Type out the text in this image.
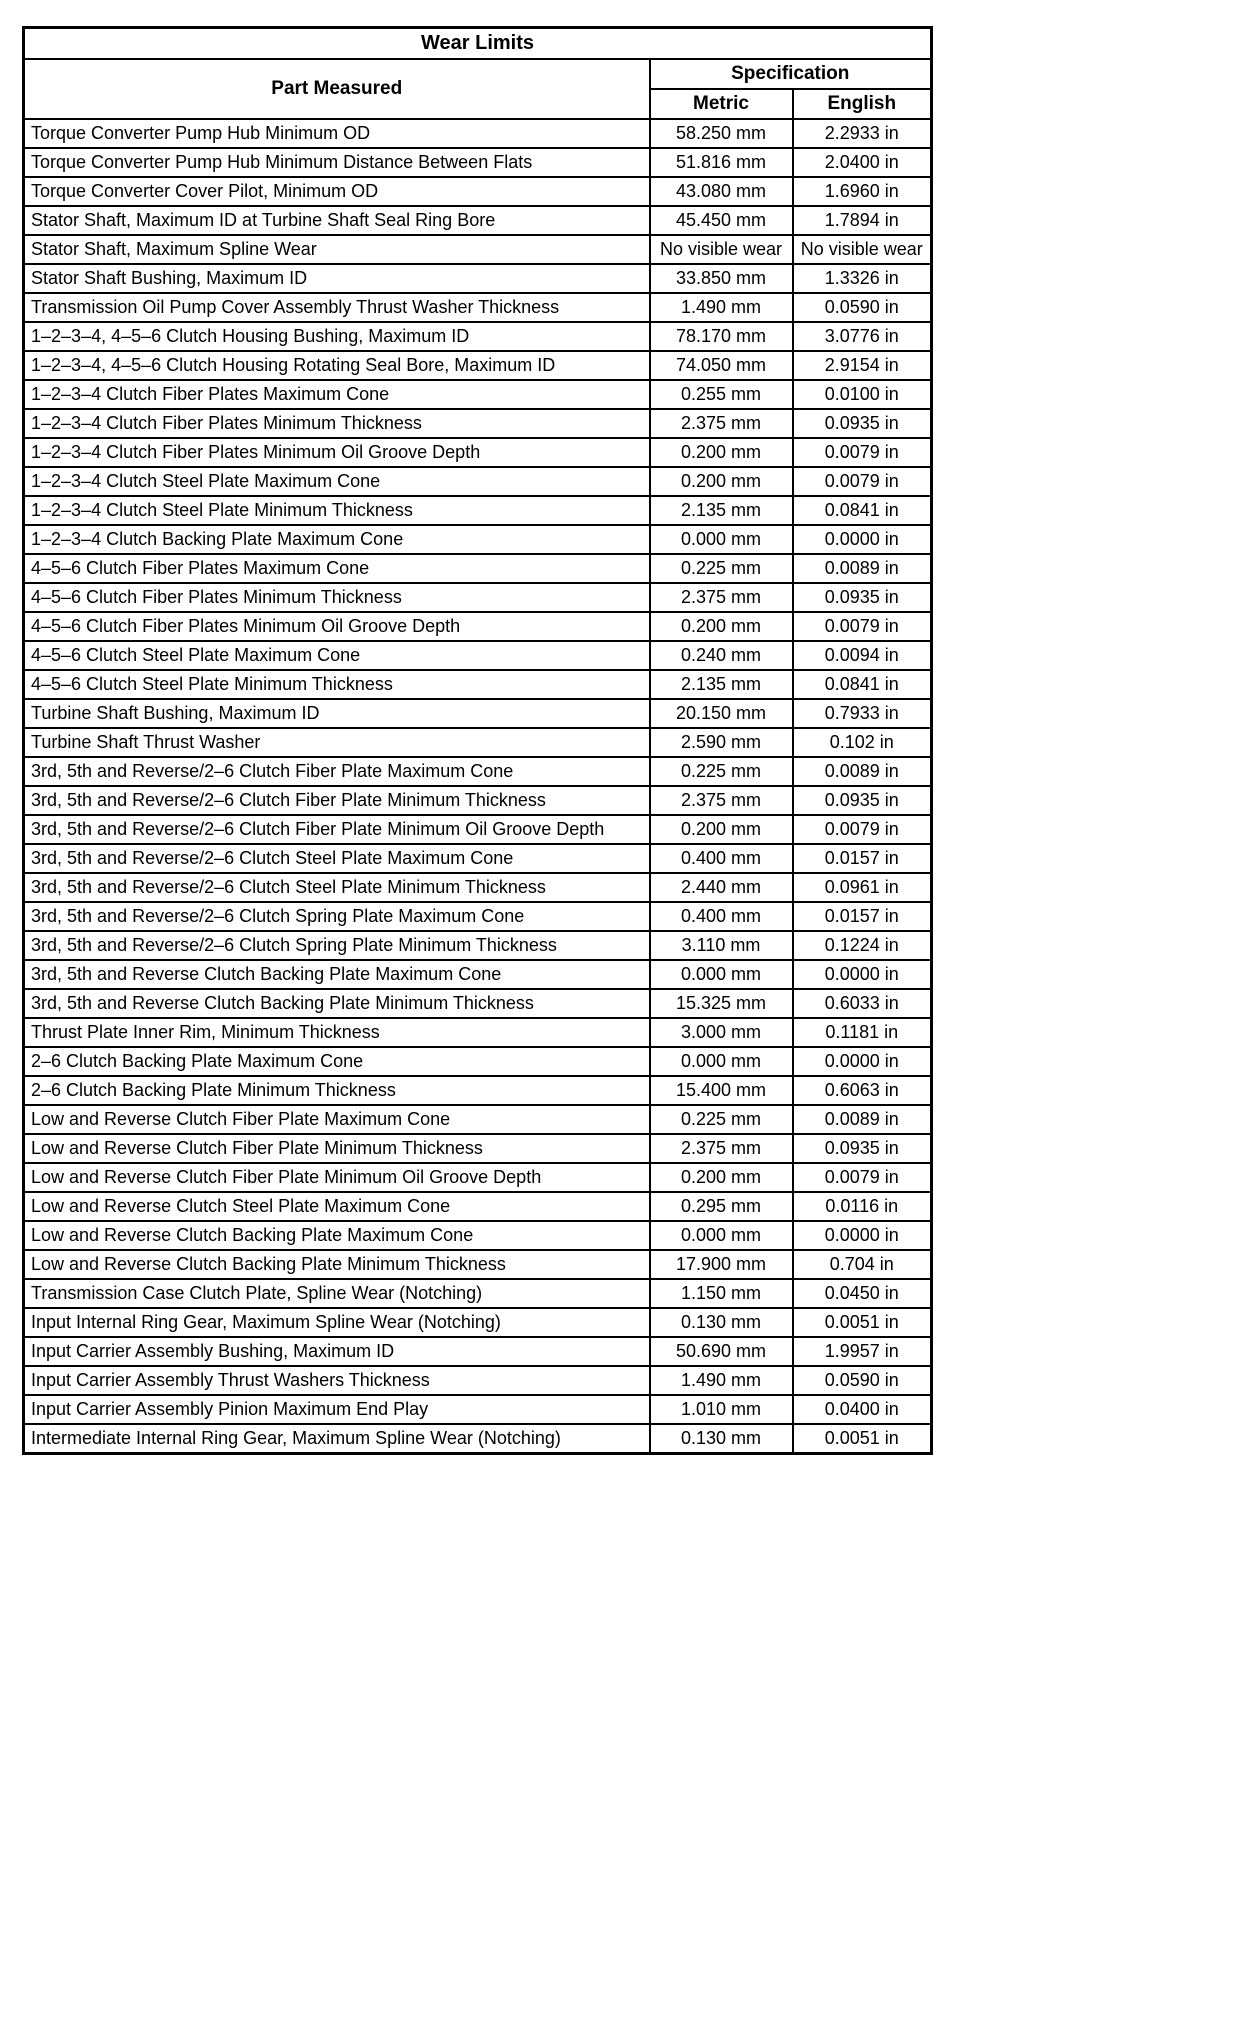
Wear Limits		
Part Measured	Specification	
	Metric	English
Torque Converter Pump Hub Minimum OD	58.250 mm	2.2933 in
Torque Converter Pump Hub Minimum Distance Between Flats	51.816 mm	2.0400 in
Torque Converter Cover Pilot, Minimum OD	43.080 mm	1.6960 in
Stator Shaft, Maximum ID at Turbine Shaft Seal Ring Bore	45.450 mm	1.7894 in
Stator Shaft, Maximum Spline Wear	No visible wear	No visible wear
Stator Shaft Bushing, Maximum ID	33.850 mm	1.3326 in
Transmission Oil Pump Cover Assembly Thrust Washer Thickness	1.490 mm	0.0590 in
1–2–3–4, 4–5–6 Clutch Housing Bushing, Maximum ID	78.170 mm	3.0776 in
1–2–3–4, 4–5–6 Clutch Housing Rotating Seal Bore, Maximum ID	74.050 mm	2.9154 in
1–2–3–4 Clutch Fiber Plates Maximum Cone	0.255 mm	0.0100 in
1–2–3–4 Clutch Fiber Plates Minimum Thickness	2.375 mm	0.0935 in
1–2–3–4 Clutch Fiber Plates Minimum Oil Groove Depth	0.200 mm	0.0079 in
1–2–3–4 Clutch Steel Plate Maximum Cone	0.200 mm	0.0079 in
1–2–3–4 Clutch Steel Plate Minimum Thickness	2.135 mm	0.0841 in
1–2–3–4 Clutch Backing Plate Maximum Cone	0.000 mm	0.0000 in
4–5–6 Clutch Fiber Plates Maximum Cone	0.225 mm	0.0089 in
4–5–6 Clutch Fiber Plates Minimum Thickness	2.375 mm	0.0935 in
4–5–6 Clutch Fiber Plates Minimum Oil Groove Depth	0.200 mm	0.0079 in
4–5–6 Clutch Steel Plate Maximum Cone	0.240 mm	0.0094 in
4–5–6 Clutch Steel Plate Minimum Thickness	2.135 mm	0.0841 in
Turbine Shaft Bushing, Maximum ID	20.150 mm	0.7933 in
Turbine Shaft Thrust Washer	2.590 mm	0.102 in
3rd, 5th and Reverse/2–6 Clutch Fiber Plate Maximum Cone	0.225 mm	0.0089 in
3rd, 5th and Reverse/2–6 Clutch Fiber Plate Minimum Thickness	2.375 mm	0.0935 in
3rd, 5th and Reverse/2–6 Clutch Fiber Plate Minimum Oil Groove Depth	0.200 mm	0.0079 in
3rd, 5th and Reverse/2–6 Clutch Steel Plate Maximum Cone	0.400 mm	0.0157 in
3rd, 5th and Reverse/2–6 Clutch Steel Plate Minimum Thickness	2.440 mm	0.0961 in
3rd, 5th and Reverse/2–6 Clutch Spring Plate Maximum Cone	0.400 mm	0.0157 in
3rd, 5th and Reverse/2–6 Clutch Spring Plate Minimum Thickness	3.110 mm	0.1224 in
3rd, 5th and Reverse Clutch Backing Plate Maximum Cone	0.000 mm	0.0000 in
3rd, 5th and Reverse Clutch Backing Plate Minimum Thickness	15.325 mm	0.6033 in
Thrust Plate Inner Rim, Minimum Thickness	3.000 mm	0.1181 in
2–6 Clutch Backing Plate Maximum Cone	0.000 mm	0.0000 in
2–6 Clutch Backing Plate Minimum Thickness	15.400 mm	0.6063 in
Low and Reverse Clutch Fiber Plate Maximum Cone	0.225 mm	0.0089 in
Low and Reverse Clutch Fiber Plate Minimum Thickness	2.375 mm	0.0935 in
Low and Reverse Clutch Fiber Plate Minimum Oil Groove Depth	0.200 mm	0.0079 in
Low and Reverse Clutch Steel Plate Maximum Cone	0.295 mm	0.0116 in
Low and Reverse Clutch Backing Plate Maximum Cone	0.000 mm	0.0000 in
Low and Reverse Clutch Backing Plate Minimum Thickness	17.900 mm	0.704 in
Transmission Case Clutch Plate, Spline Wear (Notching)	1.150 mm	0.0450 in
Input Internal Ring Gear, Maximum Spline Wear (Notching)	0.130 mm	0.0051 in
Input Carrier Assembly Bushing, Maximum ID	50.690 mm	1.9957 in
Input Carrier Assembly Thrust Washers Thickness	1.490 mm	0.0590 in
Input Carrier Assembly Pinion Maximum End Play	1.010 mm	0.0400 in
Intermediate Internal Ring Gear, Maximum Spline Wear (Notching)	0.130 mm	0.0051 in
